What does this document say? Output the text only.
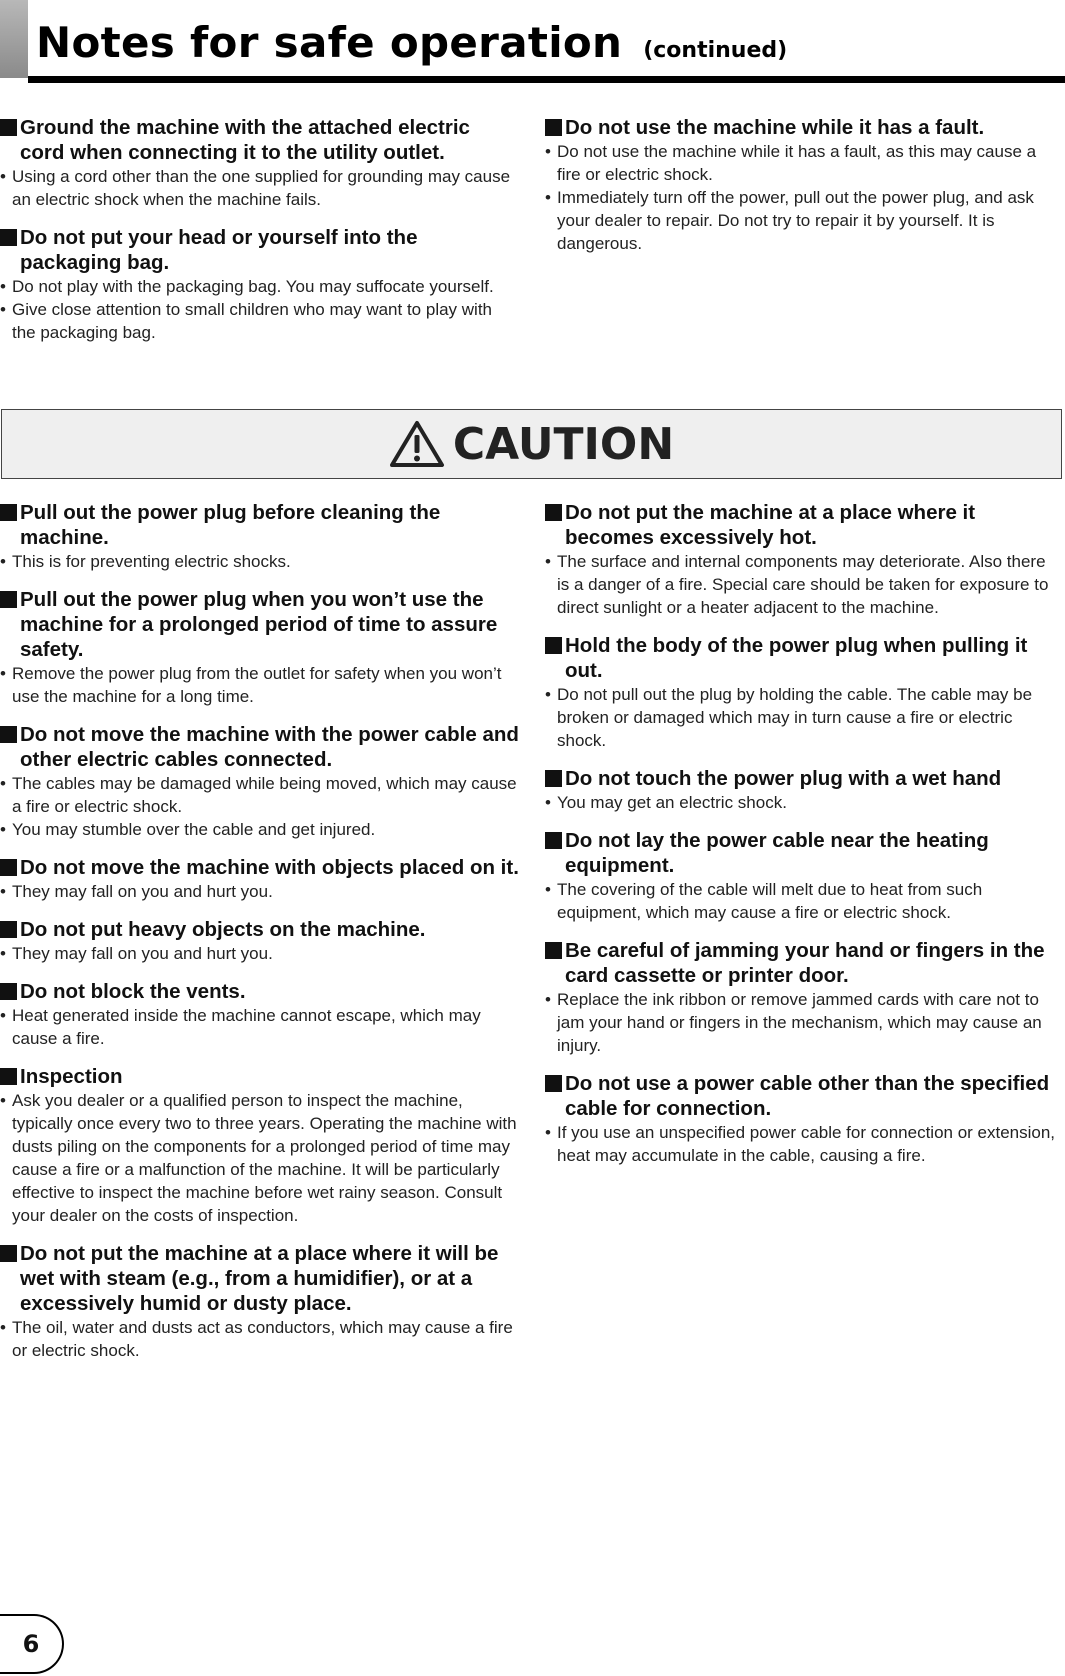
Notes for safe operation (continued)
Ground the machine with the attached electric cord when connecting it to the utility outlet.
• Using a cord other than the one supplied for grounding may cause an electric shock when the machine fails.
Do not put your head or yourself into the packaging bag.
• Do not play with the packaging bag. You may suffocate yourself.
• Give close attention to small children who may want to play with the packaging bag.
Do not use the machine while it has a fault.
• Do not use the machine while it has a fault, as this may cause a fire or electric shock.
• Immediately turn off the power, pull out the power plug, and ask your dealer to repair. Do not try to repair it by yourself. It is dangerous.
CAUTION
Pull out the power plug before cleaning the machine.
• This is for preventing electric shocks.
Pull out the power plug when you won’t use the machine for a prolonged period of time to assure safety.
• Remove the power plug from the outlet for safety when you won’t use the machine for a long time.
Do not move the machine with the power cable and other electric cables connected.
• The cables may be damaged while being moved, which may cause a fire or electric shock.
• You may stumble over the cable and get injured.
Do not move the machine with objects placed on it.
• They may fall on you and hurt you.
Do not put heavy objects on the machine.
• They may fall on you and hurt you.
Do not block the vents.
• Heat generated inside the machine cannot escape, which may cause a fire.
Inspection
• Ask you dealer or a qualified person to inspect the machine, typically once every two to three years. Operating the machine with dusts piling on the components for a prolonged period of time may cause a fire or a malfunction of the machine. It will be particularly effective to inspect the machine before wet rainy season. Consult your dealer on the costs of inspection.
Do not put the machine at a place where it will be wet with steam (e.g., from a humidifier), or at a excessively humid or dusty place.
• The oil, water and dusts act as conductors, which may cause a fire or electric shock.
Do not put the machine at a place where it becomes excessively hot.
• The surface and internal components may deteriorate. Also there is a danger of a fire. Special care should be taken for exposure to direct sunlight or a heater adjacent to the machine.
Hold the body of the power plug when pulling it out.
• Do not pull out the plug by holding the cable. The cable may be broken or damaged which may in turn cause a fire or electric shock.
Do not touch the power plug with a wet hand
• You may get an electric shock.
Do not lay the power cable near the heating equipment.
• The covering of the cable will melt due to heat from such equipment, which may cause a fire or electric shock.
Be careful of jamming your hand or fingers in the card cassette or printer door.
• Replace the ink ribbon or remove jammed cards with care not to jam your hand or fingers in the mechanism, which may cause an injury.
Do not use a power cable other than the specified cable for connection.
• If you use an unspecified power cable for connection or extension, heat may accumulate in the cable, causing a fire.
6
